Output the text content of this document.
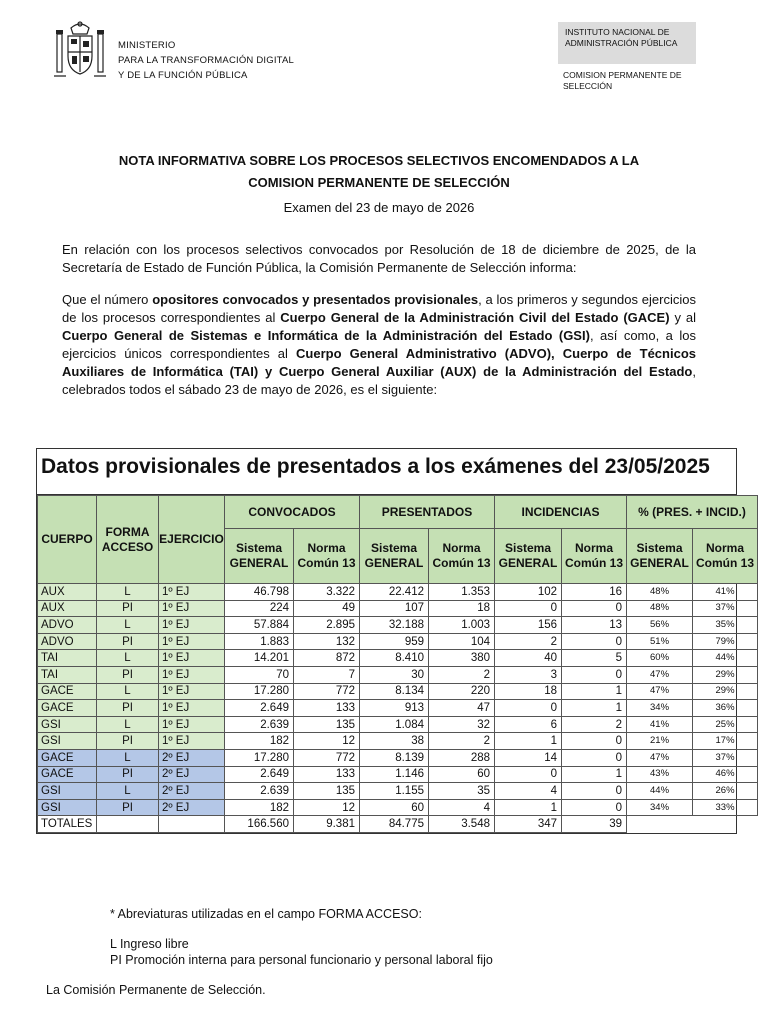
MINISTERIO
PARA LA TRANSFORMACIÓN DIGITAL
Y DE LA FUNCIÓN PÚBLICA
INSTITUTO NACIONAL DE
ADMINISTRACIÓN PÚBLICA
COMISION PERMANENTE DE
SELECCIÓN
NOTA INFORMATIVA SOBRE LOS PROCESOS SELECTIVOS ENCOMENDADOS A LA
COMISION PERMANENTE DE SELECCIÓN
Examen del 23 de mayo de 2026
En relación con los procesos selectivos convocados por Resolución de 18 de diciembre de 2025, de la Secretaría de Estado de Función Pública, la Comisión Permanente de Selección informa:
Que el número opositores convocados y presentados provisionales, a los primeros y segundos ejercicios de los procesos correspondientes al Cuerpo General de la Administración Civil del Estado (GACE) y al Cuerpo General de Sistemas e Informática de la Administración del Estado (GSI), así como, a los ejercicios únicos correspondientes al Cuerpo General Administrativo (ADVO), Cuerpo de Técnicos Auxiliares de Informática (TAI) y Cuerpo General Auxiliar (AUX) de la Administración del Estado, celebrados todos el sábado 23 de mayo de 2026, es el siguiente:
Datos provisionales de presentados a los exámenes del 23/05/2025
CUERPO	FORMA ACCESO	EJERCICIO	CONVOCADOS		PRESENTADOS		INCIDENCIAS		% (PRES. + INCID.)	
			Sistema GENERAL	Norma Común 13	Sistema GENERAL	Norma Común 13	Sistema GENERAL	Norma Común 13	Sistema GENERAL	Norma Común 13
AUX	L	1º EJ	46.798	3.322	22.412	1.353	102	16	48%	41%
AUX	PI	1º EJ	224	49	107	18	0	0	48%	37%
ADVO	L	1º EJ	57.884	2.895	32.188	1.003	156	13	56%	35%
ADVO	PI	1º EJ	1.883	132	959	104	2	0	51%	79%
TAI	L	1º EJ	14.201	872	8.410	380	40	5	60%	44%
TAI	PI	1º EJ	70	7	30	2	3	0	47%	29%
GACE	L	1º EJ	17.280	772	8.134	220	18	1	47%	29%
GACE	PI	1º EJ	2.649	133	913	47	0	1	34%	36%
GSI	L	1º EJ	2.639	135	1.084	32	6	2	41%	25%
GSI	PI	1º EJ	182	12	38	2	1	0	21%	17%
GACE	L	2º EJ	17.280	772	8.139	288	14	0	47%	37%
GACE	PI	2º EJ	2.649	133	1.146	60	0	1	43%	46%
GSI	L	2º EJ	2.639	135	1.155	35	4	0	44%	26%
GSI	PI	2º EJ	182	12	60	4	1	0	34%	33%
TOTALES			166.560	9.381	84.775	3.548	347	39		
* Abreviaturas utilizadas en el campo FORMA ACCESO:
L Ingreso libre
PI Promoción interna para personal funcionario y personal laboral fijo
La Comisión Permanente de Selección.
